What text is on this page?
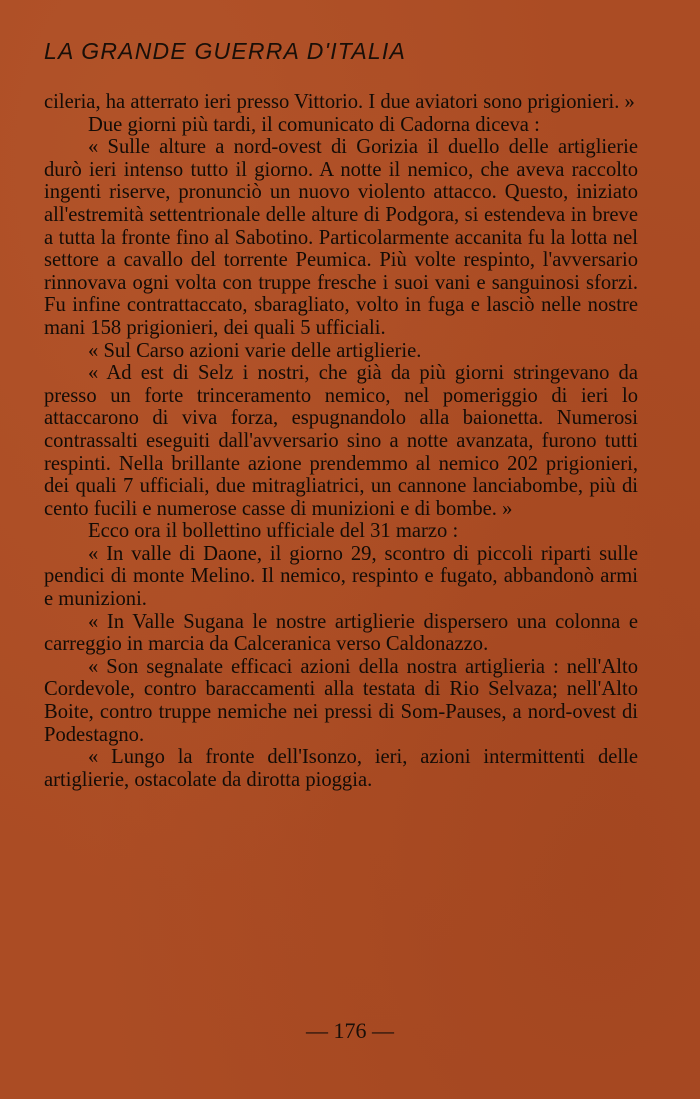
LA GRANDE GUERRA D'ITALIA

cileria, ha atterrato ieri presso Vittorio. I due aviatori sono prigionieri. »

Due giorni più tardi, il comunicato di Cadorna diceva :

« Sulle alture a nord-ovest di Gorizia il duello delle artiglierie durò ieri intenso tutto il giorno. A notte il nemico, che aveva raccolto ingenti riserve, pronunciò un nuovo violento attacco. Questo, iniziato all'estremità settentrionale delle alture di Podgora, si estendeva in breve a tutta la fronte fino al Sabotino. Particolarmente accanita fu la lotta nel settore a cavallo del torrente Peumica. Più volte respinto, l'avversario rinnovava ogni volta con truppe fresche i suoi vani e sanguinosi sforzi. Fu infine contrattaccato, sbaragliato, volto in fuga e lasciò nelle nostre mani 158 prigionieri, dei quali 5 ufficiali.

« Sul Carso azioni varie delle artiglierie.

« Ad est di Selz i nostri, che già da più giorni stringevano da presso un forte trinceramento nemico, nel pomeriggio di ieri lo attaccarono di viva forza, espugnandolo alla baionetta. Numerosi contrassalti eseguiti dall'avversario sino a notte avanzata, furono tutti respinti. Nella brillante azione prendemmo al nemico 202 prigionieri, dei quali 7 ufficiali, due mitragliatrici, un cannone lanciabombe, più di cento fucili e numerose casse di munizioni e di bombe. »

Ecco ora il bollettino ufficiale del 31 marzo :

« In valle di Daone, il giorno 29, scontro di piccoli riparti sulle pendici di monte Melino. Il nemico, respinto e fugato, abbandonò armi e munizioni.

« In Valle Sugana le nostre artiglierie dispersero una colonna e carreggio in marcia da Calceranica verso Caldonazzo.

« Son segnalate efficaci azioni della nostra artiglieria : nell'Alto Cordevole, contro baraccamenti alla testata di Rio Selvaza; nell'Alto Boite, contro truppe nemiche nei pressi di Som-Pauses, a nord-ovest di Podestagno.

« Lungo la fronte dell'Isonzo, ieri, azioni intermittenti delle artiglierie, ostacolate da dirotta pioggia.

— 176 —
